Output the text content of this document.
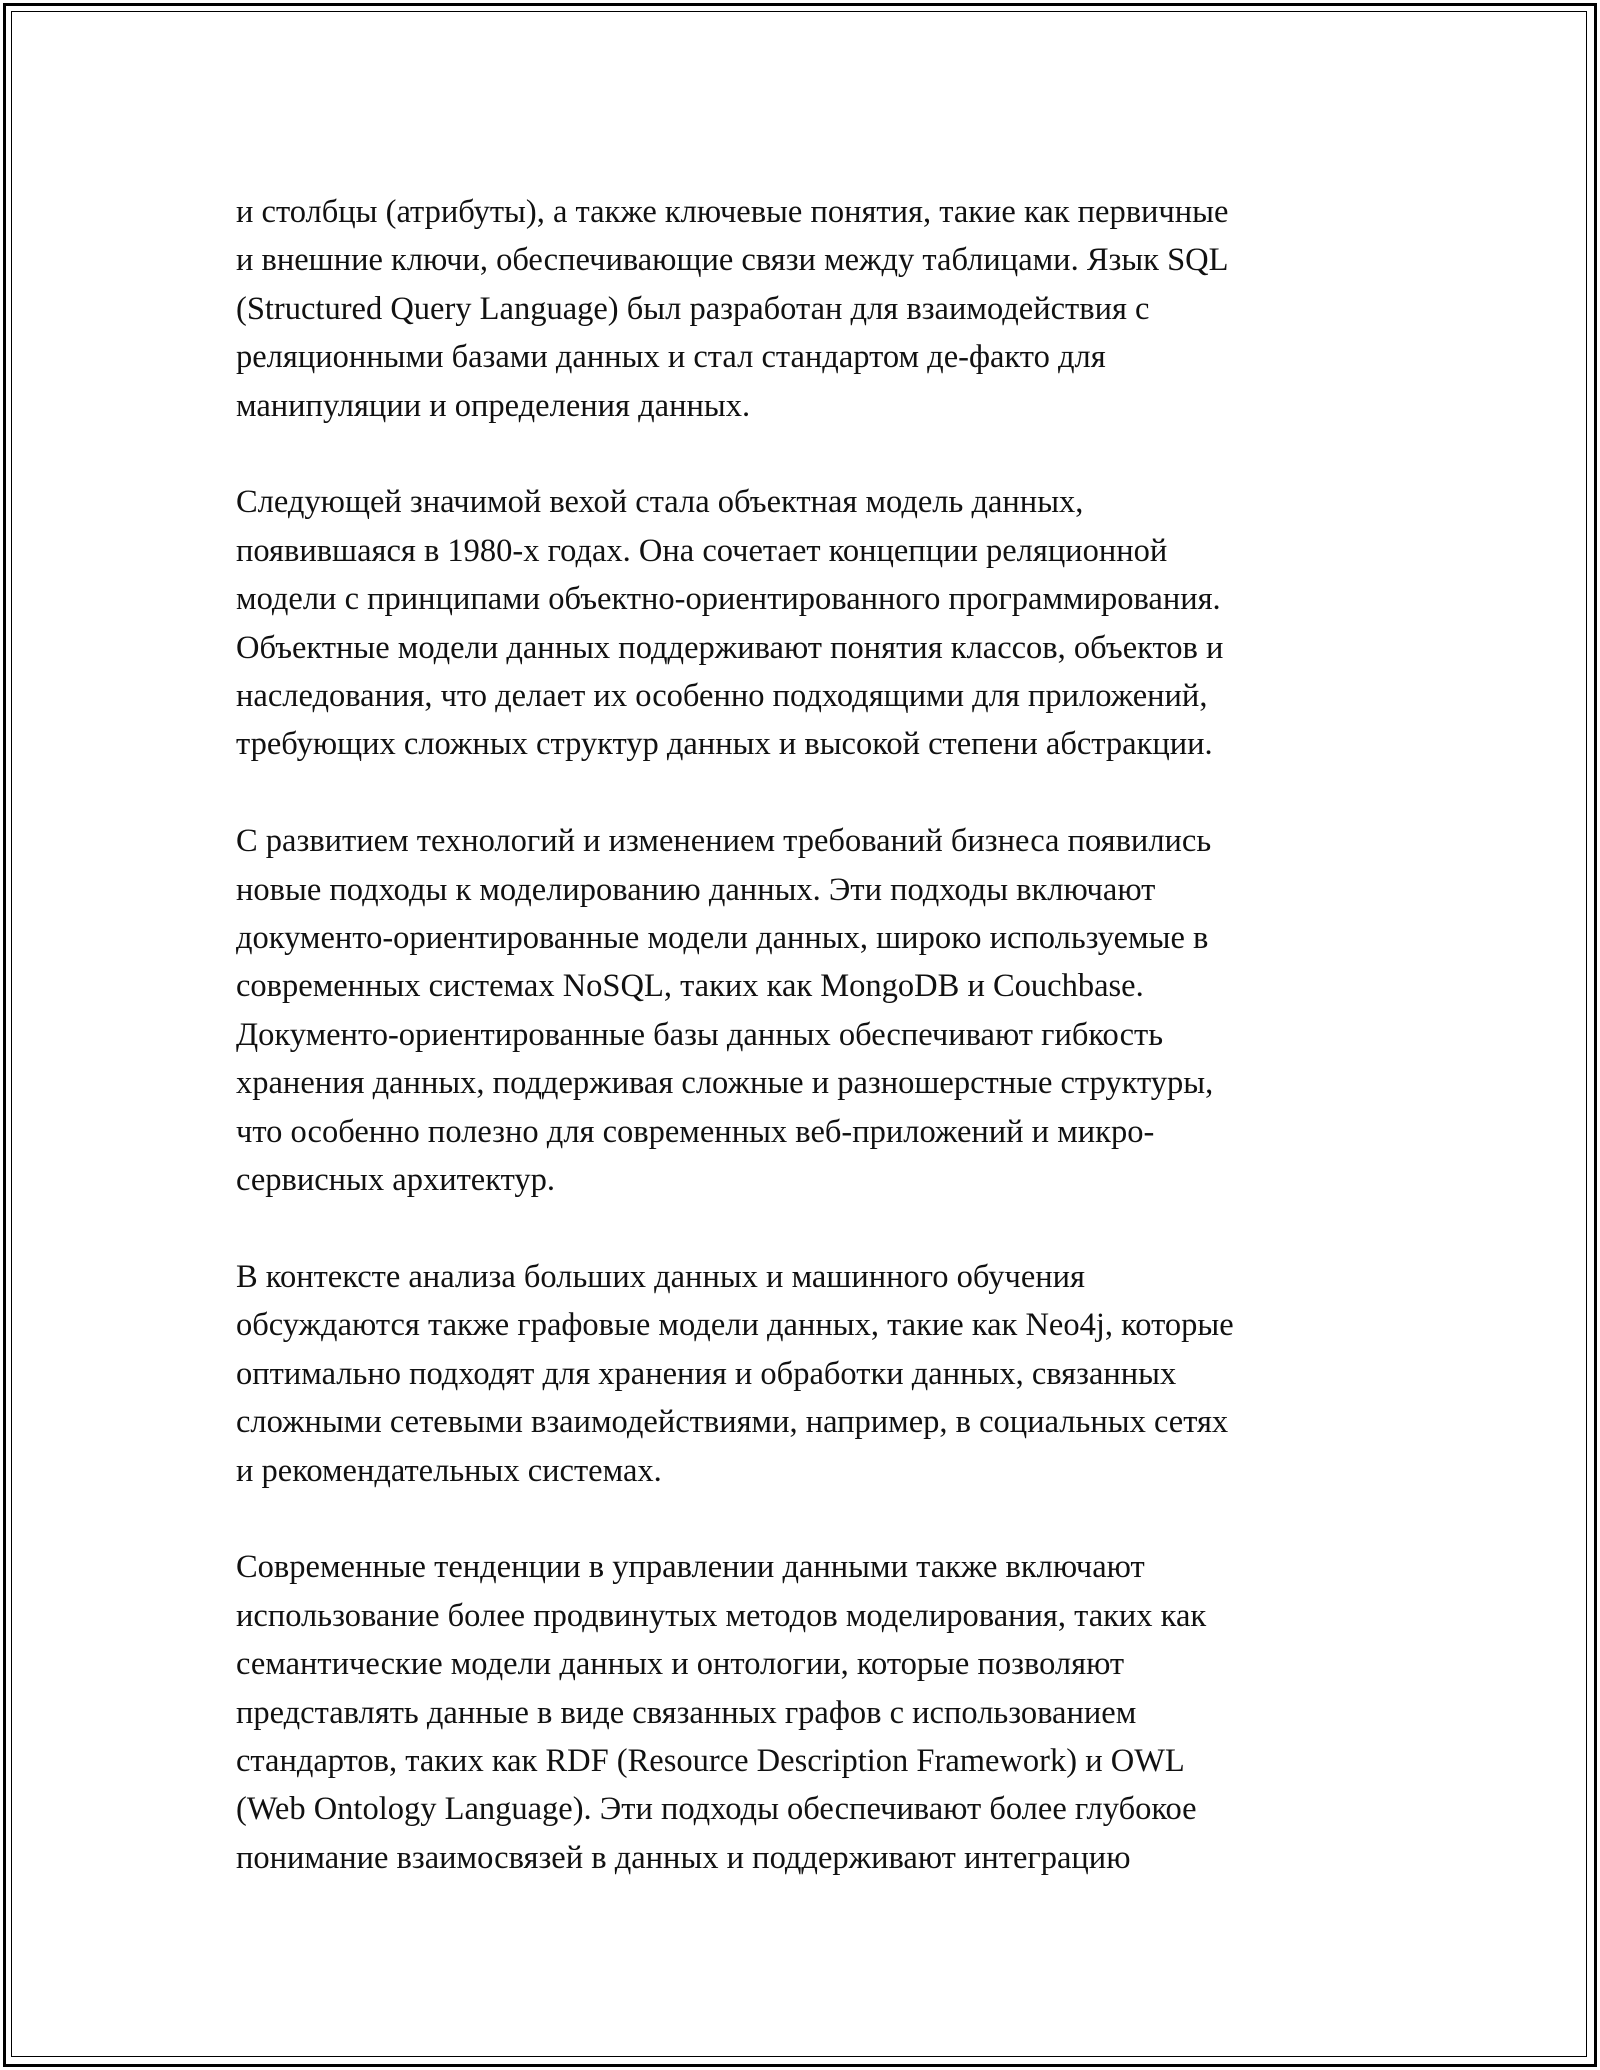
и столбцы (атрибуты), а также ключевые понятия, такие как первичные
и внешние ключи, обеспечивающие связи между таблицами. Язык SQL
(Structured Query Language) был разработан для взаимодействия с
реляционными базами данных и стал стандартом де-факто для
манипуляции и определения данных.

Следующей значимой вехой стала объектная модель данных,
появившаяся в 1980-х годах. Она сочетает концепции реляционной
модели с принципами объектно-ориентированного программирования.
Объектные модели данных поддерживают понятия классов, объектов и
наследования, что делает их особенно подходящими для приложений,
требующих сложных структур данных и высокой степени абстракции.

С развитием технологий и изменением требований бизнеса появились
новые подходы к моделированию данных. Эти подходы включают
документо-ориентированные модели данных, широко используемые в
современных системах NoSQL, таких как MongoDB и Couchbase.
Документо-ориентированные базы данных обеспечивают гибкость
хранения данных, поддерживая сложные и разношерстные структуры,
что особенно полезно для современных веб-приложений и микро-
сервисных архитектур.

В контексте анализа больших данных и машинного обучения
обсуждаются также графовые модели данных, такие как Neo4j, которые
оптимально подходят для хранения и обработки данных, связанных
сложными сетевыми взаимодействиями, например, в социальных сетях
и рекомендательных системах.

Современные тенденции в управлении данными также включают
использование более продвинутых методов моделирования, таких как
семантические модели данных и онтологии, которые позволяют
представлять данные в виде связанных графов с использованием
стандартов, таких как RDF (Resource Description Framework) и OWL
(Web Ontology Language). Эти подходы обеспечивают более глубокое
понимание взаимосвязей в данных и поддерживают интеграцию
